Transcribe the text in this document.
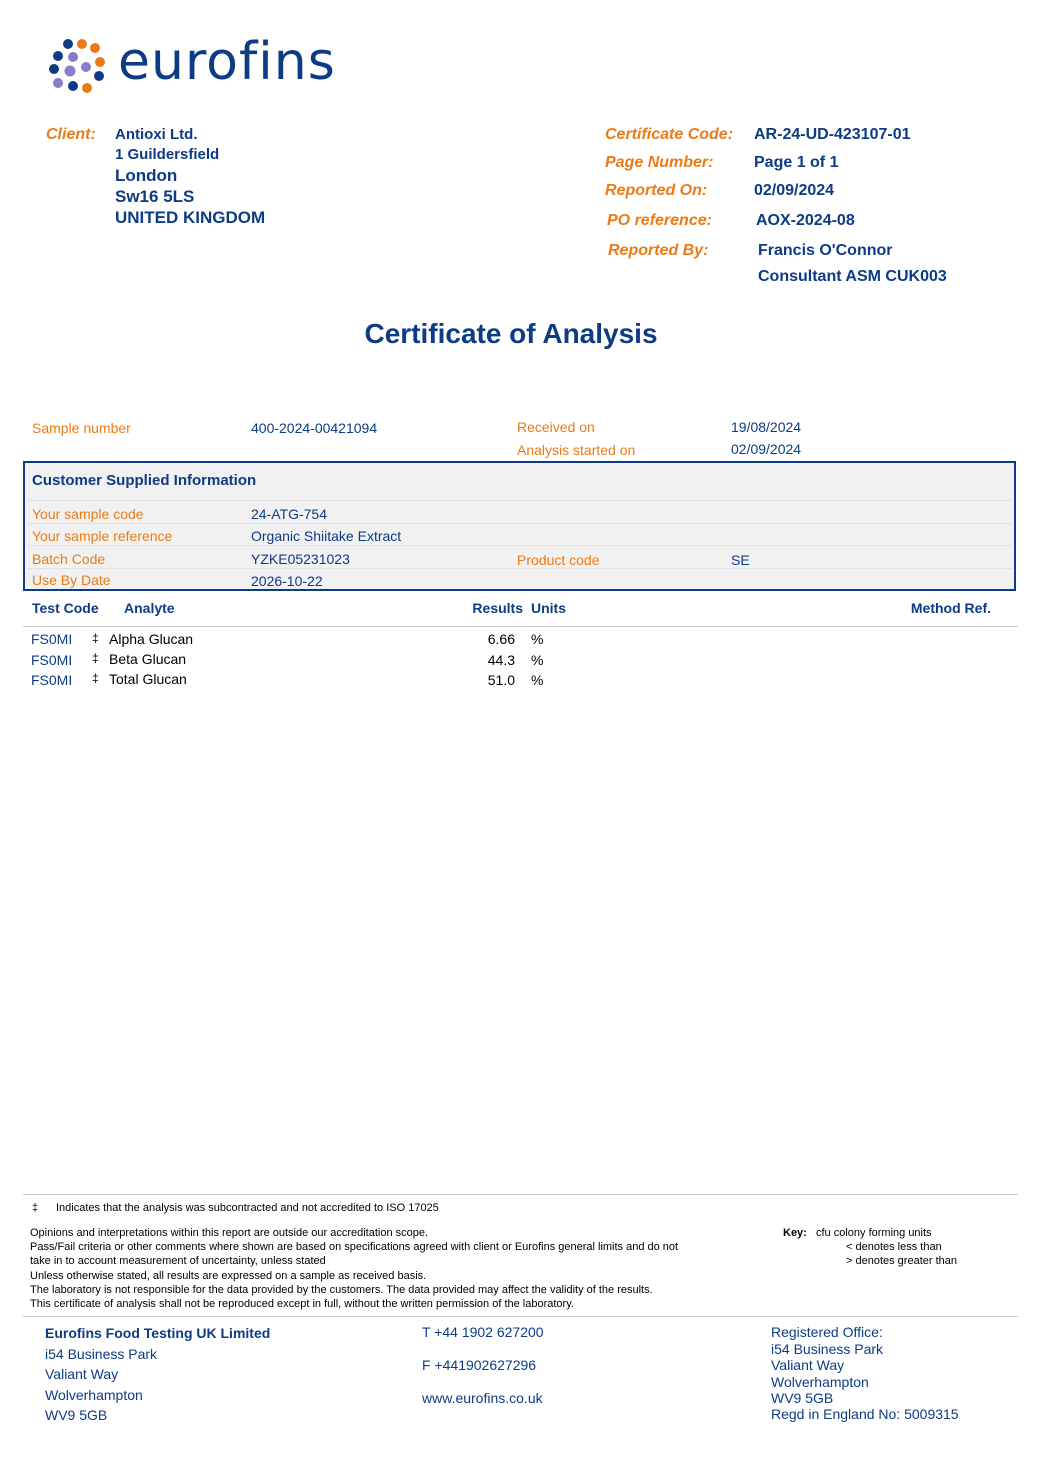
eurofins
Client: Antioxi Ltd.
1 Guildersfield
London
Sw16 5LS
UNITED KINGDOM
Certificate Code: AR-24-UD-423107-01
Page Number:	Page 1 of 1
Reported On:	02/09/2024
PO reference:	AOX-2024-08
Reported By:	Francis O'Connor
Consultant ASM CUK003
Certificate of Analysis
Sample number	400-2024-00421094	Received on	19/08/2024
Analysis started on	02/09/2024
Customer Supplied Information
Your sample code	24-ATG-754
Your sample reference	Organic Shiitake Extract
Batch Code	YZKE05231023	Product code	SE
Use By Date	2026-10-22
Test Code Analyte	Results Units	Method Ref.
FS0MI ‡ Alpha Glucan	6.66 %
FS0MI ‡ Beta Glucan	44.3 %
FS0MI ‡ Total Glucan	51.0 %
‡ Indicates that the analysis was subcontracted and not accredited to ISO 17025
Opinions and interpretations within this report are outside our accreditation scope.
Pass/Fail criteria or other comments where shown are based on specifications agreed with client or Eurofins general limits and do not
take in to account measurement of uncertainty, unless stated
Unless otherwise stated, all results are expressed on a sample as received basis.
The laboratory is not responsible for the data provided by the customers. The data provided may affect the validity of the results.
This certificate of analysis shall not be reproduced except in full, without the written permission of the laboratory.
Key: cfu colony forming units
< denotes less than
> denotes greater than
Eurofins Food Testing UK Limited
i54 Business Park
Valiant Way
Wolverhampton
WV9 5GB
T +44 1902 627200
F +441902627296
www.eurofins.co.uk
Registered Office:
i54 Business Park
Valiant Way
Wolverhampton
WV9 5GB
Regd in England No: 5009315
